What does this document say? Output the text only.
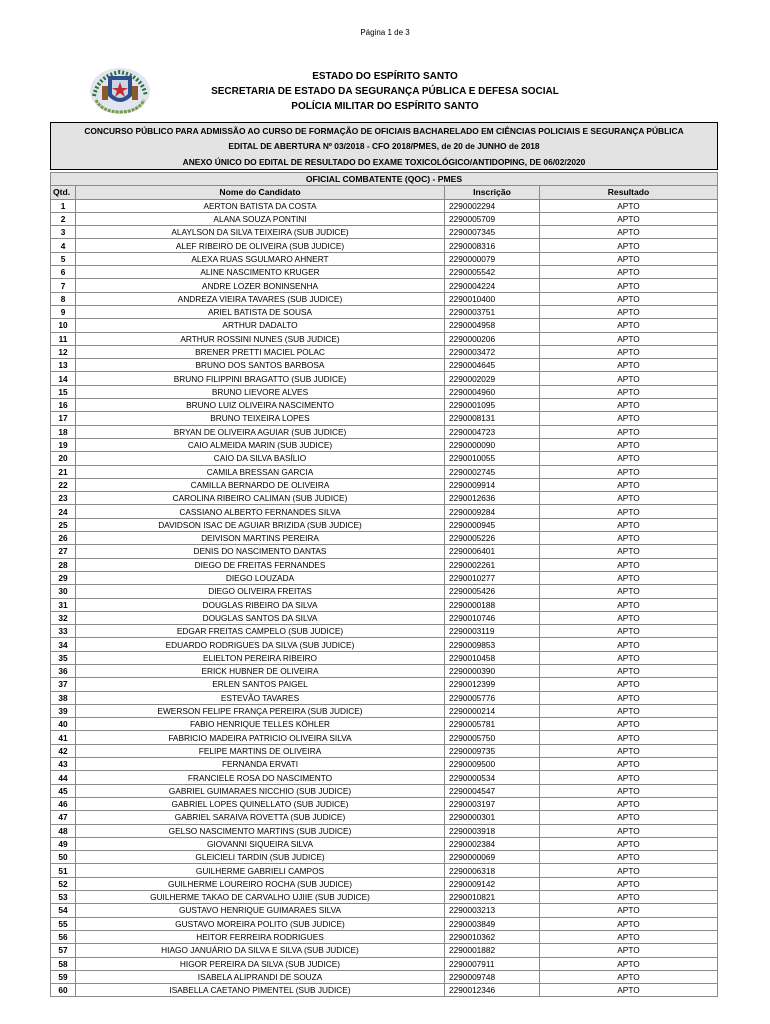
Página 1 de 3
ESTADO DO ESPÍRITO SANTO
SECRETARIA DE ESTADO DA SEGURANÇA PÚBLICA E DEFESA SOCIAL
POLÍCIA MILITAR DO ESPÍRITO SANTO
CONCURSO PÚBLICO PARA ADMISSÃO AO CURSO DE FORMAÇÃO DE OFICIAIS BACHARELADO EM CIÊNCIAS POLICIAIS E SEGURANÇA PÚBLICA
EDITAL DE ABERTURA Nº 03/2018 - CFO 2018/PMES, de 20 de JUNHO de 2018
ANEXO ÚNICO DO EDITAL DE RESULTADO DO EXAME TOXICOLÓGICO/ANTIDOPING, DE 06/02/2020
OFICIAL COMBATENTE (QOC) - PMES			
Qtd.	Nome do Candidato	Inscrição	Resultado
1	AERTON BATISTA DA COSTA	2290002294	APTO
2	ALANA SOUZA PONTINI	2290005709	APTO
3	ALAYLSON DA SILVA TEIXEIRA (SUB JUDICE)	2290007345	APTO
4	ALEF RIBEIRO DE OLIVEIRA (SUB JUDICE)	2290008316	APTO
5	ALEXA RUAS SGULMARO AHNERT	2290000079	APTO
6	ALINE NASCIMENTO KRUGER	2290005542	APTO
7	ANDRE LOZER BONINSENHA	2290004224	APTO
8	ANDREZA VIEIRA TAVARES (SUB JUDICE)	2290010400	APTO
9	ARIEL BATISTA DE SOUSA	2290003751	APTO
10	ARTHUR DADALTO	2290004958	APTO
11	ARTHUR ROSSINI NUNES (SUB JUDICE)	2290000206	APTO
12	BRENER PRETTI MACIEL POLAC	2290003472	APTO
13	BRUNO DOS SANTOS BARBOSA	2290004645	APTO
14	BRUNO FILIPPINI BRAGATTO (SUB JUDICE)	2290002029	APTO
15	BRUNO LIEVORE ALVES	2290004960	APTO
16	BRUNO LUIZ OLIVEIRA NASCIMENTO	2290001095	APTO
17	BRUNO TEIXEIRA LOPES	2290008131	APTO
18	BRYAN DE OLIVEIRA AGUIAR (SUB JUDICE)	2290004723	APTO
19	CAIO ALMEIDA MARIN (SUB JUDICE)	2290000090	APTO
20	CAIO DA SILVA BASÍLIO	2290010055	APTO
21	CAMILA BRESSAN GARCIA	2290002745	APTO
22	CAMILLA BERNARDO DE OLIVEIRA	2290009914	APTO
23	CAROLINA RIBEIRO CALIMAN (SUB JUDICE)	2290012636	APTO
24	CASSIANO ALBERTO FERNANDES SILVA	2290009284	APTO
25	DAVIDSON ISAC DE AGUIAR BRIZIDA (SUB JUDICE)	2290000945	APTO
26	DEIVISON MARTINS PEREIRA	2290005226	APTO
27	DENIS DO NASCIMENTO DANTAS	2290006401	APTO
28	DIEGO DE FREITAS FERNANDES	2290002261	APTO
29	DIEGO LOUZADA	2290010277	APTO
30	DIEGO OLIVEIRA FREITAS	2290005426	APTO
31	DOUGLAS RIBEIRO DA SILVA	2290000188	APTO
32	DOUGLAS SANTOS DA SILVA	2290010746	APTO
33	EDGAR FREITAS CAMPELO (SUB JUDICE)	2290003119	APTO
34	EDUARDO RODRIGUES DA SILVA (SUB JUDICE)	2290009853	APTO
35	ELIELTON PEREIRA RIBEIRO	2290010458	APTO
36	ERICK HUBNER DE OLIVEIRA	2290000390	APTO
37	ERLEN SANTOS PAIGEL	2290012399	APTO
38	ESTEVÃO TAVARES	2290005776	APTO
39	EWERSON FELIPE FRANÇA PEREIRA (SUB JUDICE)	2290000214	APTO
40	FABIO HENRIQUE TELLES KÖHLER	2290005781	APTO
41	FABRICIO MADEIRA PATRICIO OLIVEIRA SILVA	2290005750	APTO
42	FELIPE MARTINS DE OLIVEIRA	2290009735	APTO
43	FERNANDA ERVATI	2290009500	APTO
44	FRANCIELE ROSA DO NASCIMENTO	2290000534	APTO
45	GABRIEL GUIMARAES NICCHIO (SUB JUDICE)	2290004547	APTO
46	GABRIEL LOPES QUINELLATO (SUB JUDICE)	2290003197	APTO
47	GABRIEL SARAIVA ROVETTA (SUB JUDICE)	2290000301	APTO
48	GELSO NASCIMENTO MARTINS (SUB JUDICE)	2290003918	APTO
49	GIOVANNI SIQUEIRA SILVA	2290002384	APTO
50	GLEICIELI TARDIN (SUB JUDICE)	2290000069	APTO
51	GUILHERME GABRIELI CAMPOS	2290006318	APTO
52	GUILHERME LOUREIRO ROCHA (SUB JUDICE)	2290009142	APTO
53	GUILHERME TAKAO DE CARVALHO UJIIE (SUB JUDICE)	2290010821	APTO
54	GUSTAVO HENRIQUE GUIMARAES SILVA	2290003213	APTO
55	GUSTAVO MOREIRA POLITO (SUB JUDICE)	2290003849	APTO
56	HEITOR FERREIRA RODRIGUES	2290010362	APTO
57	HIAGO JANUÁRIO DA SILVA E SILVA (SUB JUDICE)	2290001882	APTO
58	HIGOR PEREIRA DA SILVA (SUB JUDICE)	2290007911	APTO
59	ISABELA ALIPRANDI DE SOUZA	2290009748	APTO
60	ISABELLA CAETANO PIMENTEL (SUB JUDICE)	2290012346	APTO
